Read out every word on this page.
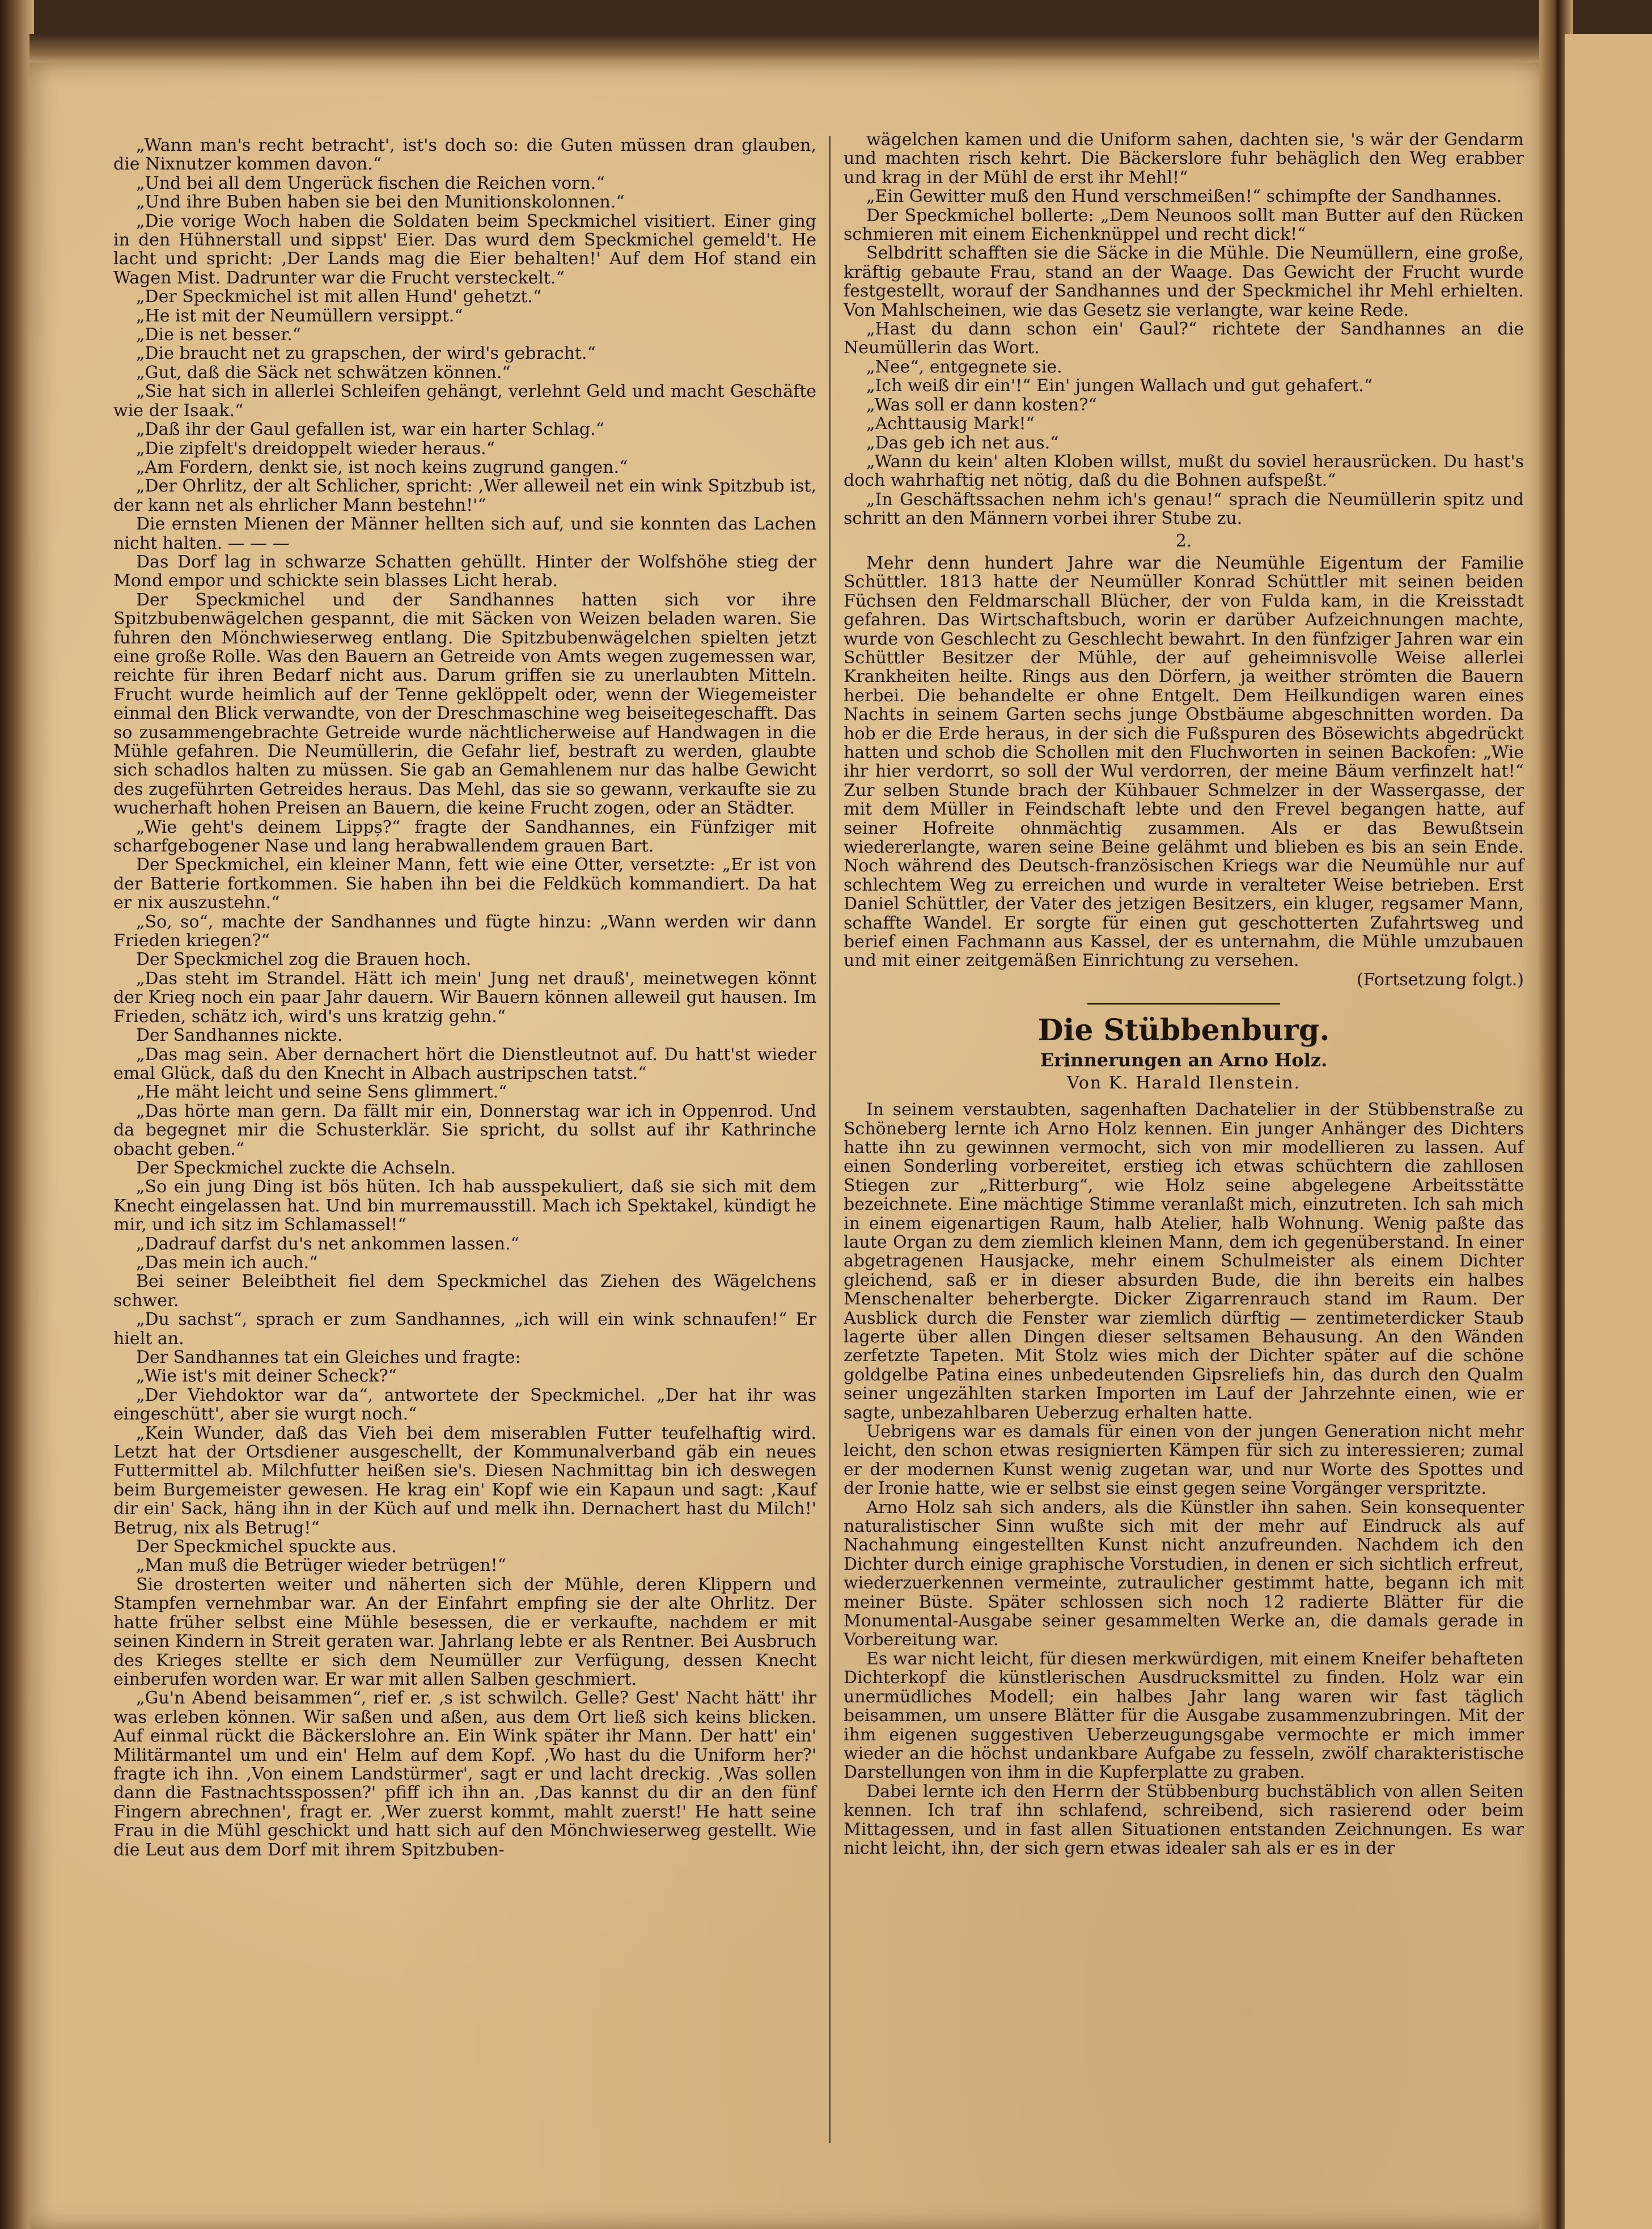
„Wann man's recht betracht', ist's doch so: die Guten müssen dran glauben, die Nixnutzer kommen davon.“

„Und bei all dem Ungerück fischen die Reichen vorn.“

„Und ihre Buben haben sie bei den Munitionskolonnen.“

„Die vorige Woch haben die Soldaten beim Speckmichel visitiert. Einer ging in den Hühnerstall und sippst' Eier. Das wurd dem Speckmichel gemeld't. He lacht und spricht: ‚Der Lands mag die Eier behalten!' Auf dem Hof stand ein Wagen Mist. Dadrunter war die Frucht versteckelt.“

„Der Speckmichel ist mit allen Hund' gehetzt.“

„He ist mit der Neumüllern versippt.“

„Die is net besser.“

„Die braucht net zu grapschen, der wird's gebracht.“

„Gut, daß die Säck net schwätzen können.“

„Sie hat sich in allerlei Schleifen gehängt, verlehnt Geld und macht Geschäfte wie der Isaak.“

„Daß ihr der Gaul gefallen ist, war ein harter Schlag.“

„Die zipfelt's dreidoppelt wieder heraus.“

„Am Fordern, denkt sie, ist noch keins zugrund gangen.“

„Der Ohrlitz, der alt Schlicher, spricht: ‚Wer alleweil net ein wink Spitzbub ist, der kann net als ehrlicher Mann bestehn!'“

Die ernsten Mienen der Männer hellten sich auf, und sie konnten das Lachen nicht halten. — — —

Das Dorf lag in schwarze Schatten gehüllt. Hinter der Wolfshöhe stieg der Mond empor und schickte sein blasses Licht herab.

Der Speckmichel und der Sandhannes hatten sich vor ihre Spitzbubenwägelchen gespannt, die mit Säcken von Weizen beladen waren. Sie fuhren den Mönchwieserweg entlang. Die Spitzbubenwägelchen spielten jetzt eine große Rolle. Was den Bauern an Getreide von Amts wegen zugemessen war, reichte für ihren Bedarf nicht aus. Darum griffen sie zu unerlaubten Mitteln. Frucht wurde heimlich auf der Tenne geklöppelt oder, wenn der Wiegemeister einmal den Blick verwandte, von der Dreschmaschine weg beiseitegeschafft. Das so zusammengebrachte Getreide wurde nächtlicherweise auf Handwagen in die Mühle gefahren. Die Neumüllerin, die Gefahr lief, bestraft zu werden, glaubte sich schadlos halten zu müssen. Sie gab an Gemahlenem nur das halbe Gewicht des zugeführten Getreides heraus. Das Mehl, das sie so gewann, verkaufte sie zu wucherhaft hohen Preisen an Bauern, die keine Frucht zogen, oder an Städter.

„Wie geht's deinem Lippș?“ fragte der Sandhannes, ein Fünfziger mit scharfgebogener Nase und lang herabwallendem grauen Bart.

Der Speckmichel, ein kleiner Mann, fett wie eine Otter, versetzte: „Er ist von der Batterie fortkommen. Sie haben ihn bei die Feldküch kommandiert. Da hat er nix auszustehn.“

„So, so“, machte der Sandhannes und fügte hinzu: „Wann werden wir dann Frieden kriegen?“

Der Speckmichel zog die Brauen hoch.

„Das steht im Strandel. Hätt ich mein' Jung net drauß', meinetwegen könnt der Krieg noch ein paar Jahr dauern. Wir Bauern können alleweil gut hausen. Im Frieden, schätz ich, wird's uns kratzig gehn.“

Der Sandhannes nickte.

„Das mag sein. Aber dernachert hört die Dienstleutnot auf. Du hatt'st wieder emal Glück, daß du den Knecht in Albach austripschen tatst.“

„He mäht leicht und seine Sens glimmert.“

„Das hörte man gern. Da fällt mir ein, Donnerstag war ich in Oppenrod. Und da begegnet mir die Schusterklär. Sie spricht, du sollst auf ihr Kathrinche obacht geben.“

Der Speckmichel zuckte die Achseln.

„So ein jung Ding ist bös hüten. Ich hab ausspekuliert, daß sie sich mit dem Knecht eingelassen hat. Und bin murremausstill. Mach ich Spektakel, kündigt he mir, und ich sitz im Schlamassel!“

„Dadrauf darfst du's net ankommen lassen.“

„Das mein ich auch.“

Bei seiner Beleibtheit fiel dem Speckmichel das Ziehen des Wägelchens schwer.

„Du sachst“, sprach er zum Sandhannes, „ich will ein wink schnaufen!“ Er hielt an.

Der Sandhannes tat ein Gleiches und fragte:

„Wie ist's mit deiner Scheck?“

„Der Viehdoktor war da“, antwortete der Speckmichel. „Der hat ihr was eingeschütt', aber sie wurgt noch.“

„Kein Wunder, daß das Vieh bei dem miserablen Futter teufelhaftig wird. Letzt hat der Ortsdiener ausgeschellt, der Kommunalverband gäb ein neues Futtermittel ab. Milchfutter heißen sie's. Diesen Nachmittag bin ich deswegen beim Burgemeister gewesen. He krag ein' Kopf wie ein Kapaun und sagt: ‚Kauf dir ein' Sack, häng ihn in der Küch auf und melk ihn. Dernachert hast du Milch!' Betrug, nix als Betrug!“

Der Speckmichel spuckte aus.

„Man muß die Betrüger wieder betrügen!“

Sie drosterten weiter und näherten sich der Mühle, deren Klippern und Stampfen vernehmbar war. An der Einfahrt empfing sie der alte Ohrlitz. Der hatte früher selbst eine Mühle besessen, die er verkaufte, nachdem er mit seinen Kindern in Streit geraten war. Jahrlang lebte er als Rentner. Bei Ausbruch des Krieges stellte er sich dem Neumüller zur Verfügung, dessen Knecht einberufen worden war. Er war mit allen Salben geschmiert.

„Gu'n Abend beisammen“, rief er. ‚s ist schwilch. Gelle? Gest' Nacht hätt' ihr was erleben können. Wir saßen und aßen, aus dem Ort ließ sich keins blicken. Auf einmal rückt die Bäckerslohre an. Ein Wink später ihr Mann. Der hatt' ein' Militärmantel um und ein' Helm auf dem Kopf. ‚Wo hast du die Uniform her?' fragte ich ihn. ‚Von einem Landstürmer', sagt er und lacht dreckig. ‚Was sollen dann die Fastnachtsspossen?' pfiff ich ihn an. ‚Das kannst du dir an den fünf Fingern abrechnen', fragt er. ‚Wer zuerst kommt, mahlt zuerst!' He hatt seine Frau in die Mühl geschickt und hatt sich auf den Mönchwieserweg gestellt. Wie die Leut aus dem Dorf mit ihrem Spitzbuben-

wägelchen kamen und die Uniform sahen, dachten sie, 's wär der Gendarm und machten risch kehrt. Die Bäckerslore fuhr behäglich den Weg erabber und krag in der Mühl de erst ihr Mehl!“

„Ein Gewitter muß den Hund verschmeißen!“ schimpfte der Sandhannes.

Der Speckmichel bollerte: „Dem Neunoos sollt man Butter auf den Rücken schmieren mit einem Eichenknüppel und recht dick!“

Selbdritt schafften sie die Säcke in die Mühle. Die Neumüllern, eine große, kräftig gebaute Frau, stand an der Waage. Das Gewicht der Frucht wurde festgestellt, worauf der Sandhannes und der Speckmichel ihr Mehl erhielten. Von Mahlscheinen, wie das Gesetz sie verlangte, war keine Rede.

„Hast du dann schon ein' Gaul?“ richtete der Sandhannes an die Neumüllerin das Wort.

„Nee“, entgegnete sie.

„Ich weiß dir ein'!“ Ein' jungen Wallach und gut gehafert.“

„Was soll er dann kosten?“

„Achttausig Mark!“

„Das geb ich net aus.“

„Wann du kein' alten Kloben willst, mußt du soviel herausrücken. Du hast's doch wahrhaftig net nötig, daß du die Bohnen aufspeßt.“

„In Geschäftssachen nehm ich's genau!“ sprach die Neumüllerin spitz und schritt an den Männern vorbei ihrer Stube zu.

2.

Mehr denn hundert Jahre war die Neumühle Eigentum der Familie Schüttler. 1813 hatte der Neumüller Konrad Schüttler mit seinen beiden Füchsen den Feldmarschall Blücher, der von Fulda kam, in die Kreisstadt gefahren. Das Wirtschaftsbuch, worin er darüber Aufzeichnungen machte, wurde von Geschlecht zu Geschlecht bewahrt. In den fünfziger Jahren war ein Schüttler Besitzer der Mühle, der auf geheimnisvolle Weise allerlei Krankheiten heilte. Rings aus den Dörfern, ja weither strömten die Bauern herbei. Die behandelte er ohne Entgelt. Dem Heilkundigen waren eines Nachts in seinem Garten sechs junge Obstbäume abgeschnitten worden. Da hob er die Erde heraus, in der sich die Fußspuren des Bösewichts abgedrückt hatten und schob die Schollen mit den Fluchworten in seinen Backofen: „Wie ihr hier verdorrt, so soll der Wul verdorren, der meine Bäum verfinzelt hat!“ Zur selben Stunde brach der Kühbauer Schmelzer in der Wassergasse, der mit dem Müller in Feindschaft lebte und den Frevel begangen hatte, auf seiner Hofreite ohnmächtig zusammen. Als er das Bewußtsein wiedererlangte, waren seine Beine gelähmt und blieben es bis an sein Ende. Noch während des Deutsch-französischen Kriegs war die Neumühle nur auf schlechtem Weg zu erreichen und wurde in veralteter Weise betrieben. Erst Daniel Schüttler, der Vater des jetzigen Besitzers, ein kluger, regsamer Mann, schaffte Wandel. Er sorgte für einen gut geschotterten Zufahrtsweg und berief einen Fachmann aus Kassel, der es unternahm, die Mühle umzubauen und mit einer zeitgemäßen Einrichtung zu versehen.

(Fortsetzung folgt.)

Die Stübbenburg.
Erinnerungen an Arno Holz.
Von K. Harald Ilenstein.

In seinem verstaubten, sagenhaften Dachatelier in der Stübbenstraße zu Schöneberg lernte ich Arno Holz kennen. Ein junger Anhänger des Dichters hatte ihn zu gewinnen vermocht, sich von mir modellieren zu lassen. Auf einen Sonderling vorbereitet, erstieg ich etwas schüchtern die zahllosen Stiegen zur „Ritterburg“, wie Holz seine abgelegene Arbeitsstätte bezeichnete. Eine mächtige Stimme veranlaßt mich, einzutreten. Ich sah mich in einem eigenartigen Raum, halb Atelier, halb Wohnung. Wenig paßte das laute Organ zu dem ziemlich kleinen Mann, dem ich gegenüberstand. In einer abgetragenen Hausjacke, mehr einem Schulmeister als einem Dichter gleichend, saß er in dieser absurden Bude, die ihn bereits ein halbes Menschenalter beherbergte. Dicker Zigarrenrauch stand im Raum. Der Ausblick durch die Fenster war ziemlich dürftig — zentimeterdicker Staub lagerte über allen Dingen dieser seltsamen Behausung. An den Wänden zerfetzte Tapeten. Mit Stolz wies mich der Dichter später auf die schöne goldgelbe Patina eines unbedeutenden Gipsreliefs hin, das durch den Qualm seiner ungezählten starken Importen im Lauf der Jahrzehnte einen, wie er sagte, unbezahlbaren Ueberzug erhalten hatte.

Uebrigens war es damals für einen von der jungen Generation nicht mehr leicht, den schon etwas resignierten Kämpen für sich zu interessieren; zumal er der modernen Kunst wenig zugetan war, und nur Worte des Spottes und der Ironie hatte, wie er selbst sie einst gegen seine Vorgänger verspritzte.

Arno Holz sah sich anders, als die Künstler ihn sahen. Sein konsequenter naturalistischer Sinn wußte sich mit der mehr auf Eindruck als auf Nachahmung eingestellten Kunst nicht anzufreunden. Nachdem ich den Dichter durch einige graphische Vorstudien, in denen er sich sichtlich erfreut, wiederzuerkennen vermeinte, zutraulicher gestimmt hatte, begann ich mit meiner Büste. Später schlossen sich noch 12 radierte Blätter für die Monumental-Ausgabe seiner gesammelten Werke an, die damals gerade in Vorbereitung war.

Es war nicht leicht, für diesen merkwürdigen, mit einem Kneifer behafteten Dichterkopf die künstlerischen Ausdrucksmittel zu finden. Holz war ein unermüdliches Modell; ein halbes Jahr lang waren wir fast täglich beisammen, um unsere Blätter für die Ausgabe zusammenzubringen. Mit der ihm eigenen suggestiven Ueberzeugungsgabe vermochte er mich immer wieder an die höchst undankbare Aufgabe zu fesseln, zwölf charakteristische Darstellungen von ihm in die Kupferplatte zu graben.

Dabei lernte ich den Herrn der Stübbenburg buchstäblich von allen Seiten kennen. Ich traf ihn schlafend, schreibend, sich rasierend oder beim Mittagessen, und in fast allen Situationen entstanden Zeichnungen. Es war nicht leicht, ihn, der sich gern etwas idealer sah als er es in der
